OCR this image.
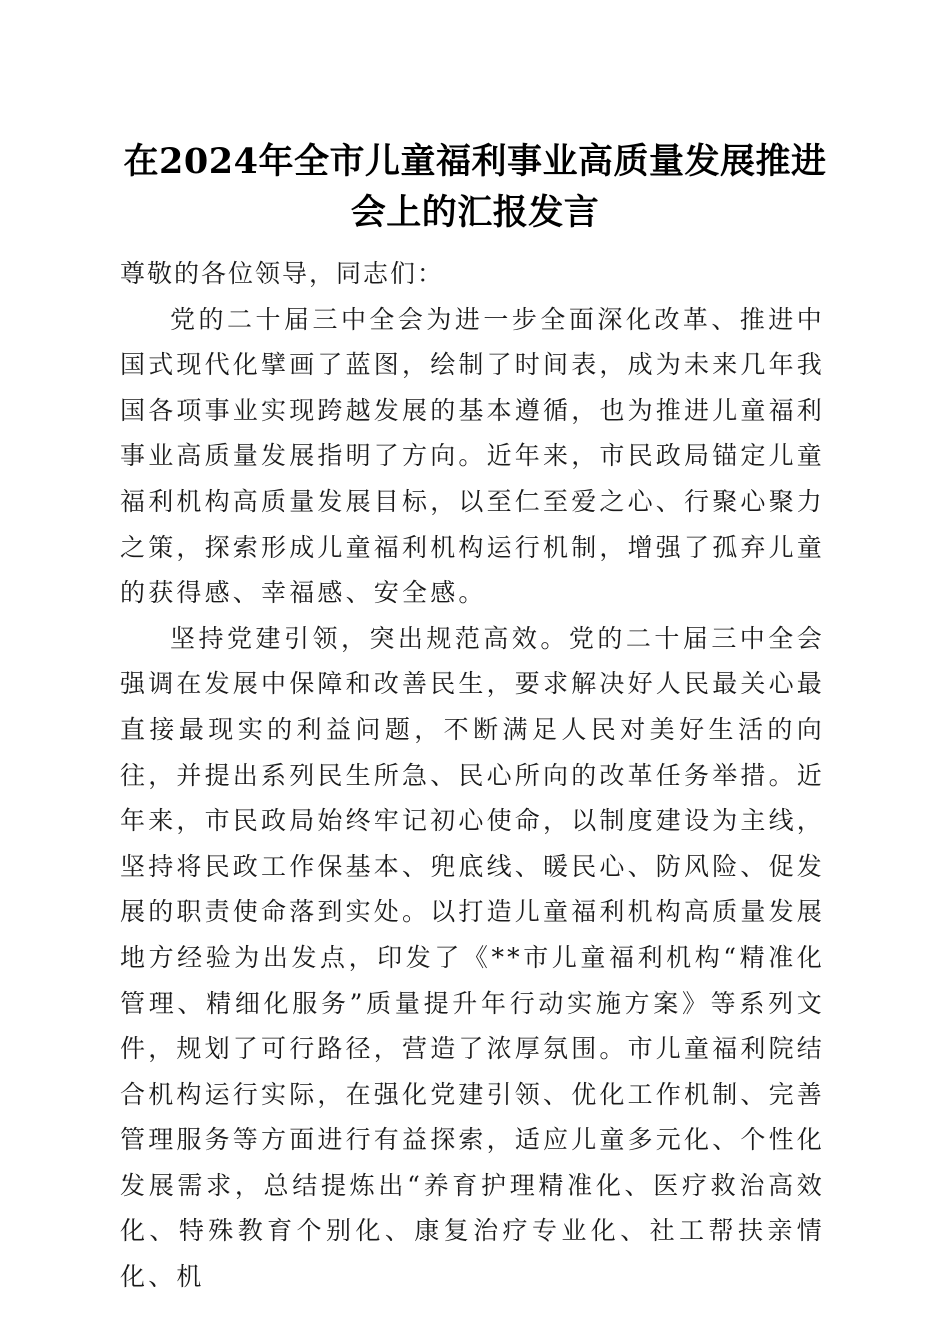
在2024年全市儿童福利事业高质量发展推进
会上的汇报发言

尊敬的各位领导，同志们：

党的二十届三中全会为进一步全面深化改革、推进中国式现代化擘画了蓝图，绘制了时间表，成为未来几年我国各项事业实现跨越发展的基本遵循，也为推进儿童福利事业高质量发展指明了方向。近年来，市民政局锚定儿童福利机构高质量发展目标，以至仁至爱之心、行聚心聚力之策，探索形成儿童福利机构运行机制，增强了孤弃儿童的获得感、幸福感、安全感。

坚持党建引领，突出规范高效。党的二十届三中全会强调在发展中保障和改善民生，要求解决好人民最关心最直接最现实的利益问题，不断满足人民对美好生活的向往，并提出系列民生所急、民心所向的改革任务举措。近年来，市民政局始终牢记初心使命，以制度建设为主线，坚持将民政工作保基本、兜底线、暖民心、防风险、促发展的职责使命落到实处。以打造儿童福利机构高质量发展地方经验为出发点，印发了《**市儿童福利机构“精准化管理、精细化服务”质量提升年行动实施方案》等系列文件，规划了可行路径，营造了浓厚氛围。市儿童福利院结合机构运行实际，在强化党建引领、优化工作机制、完善管理服务等方面进行有益探索，适应儿童多元化、个性化发展需求，总结提炼出“养育护理精准化、医疗救治高效化、特殊教育个别化、康复治疗专业化、社工帮扶亲情化、机
